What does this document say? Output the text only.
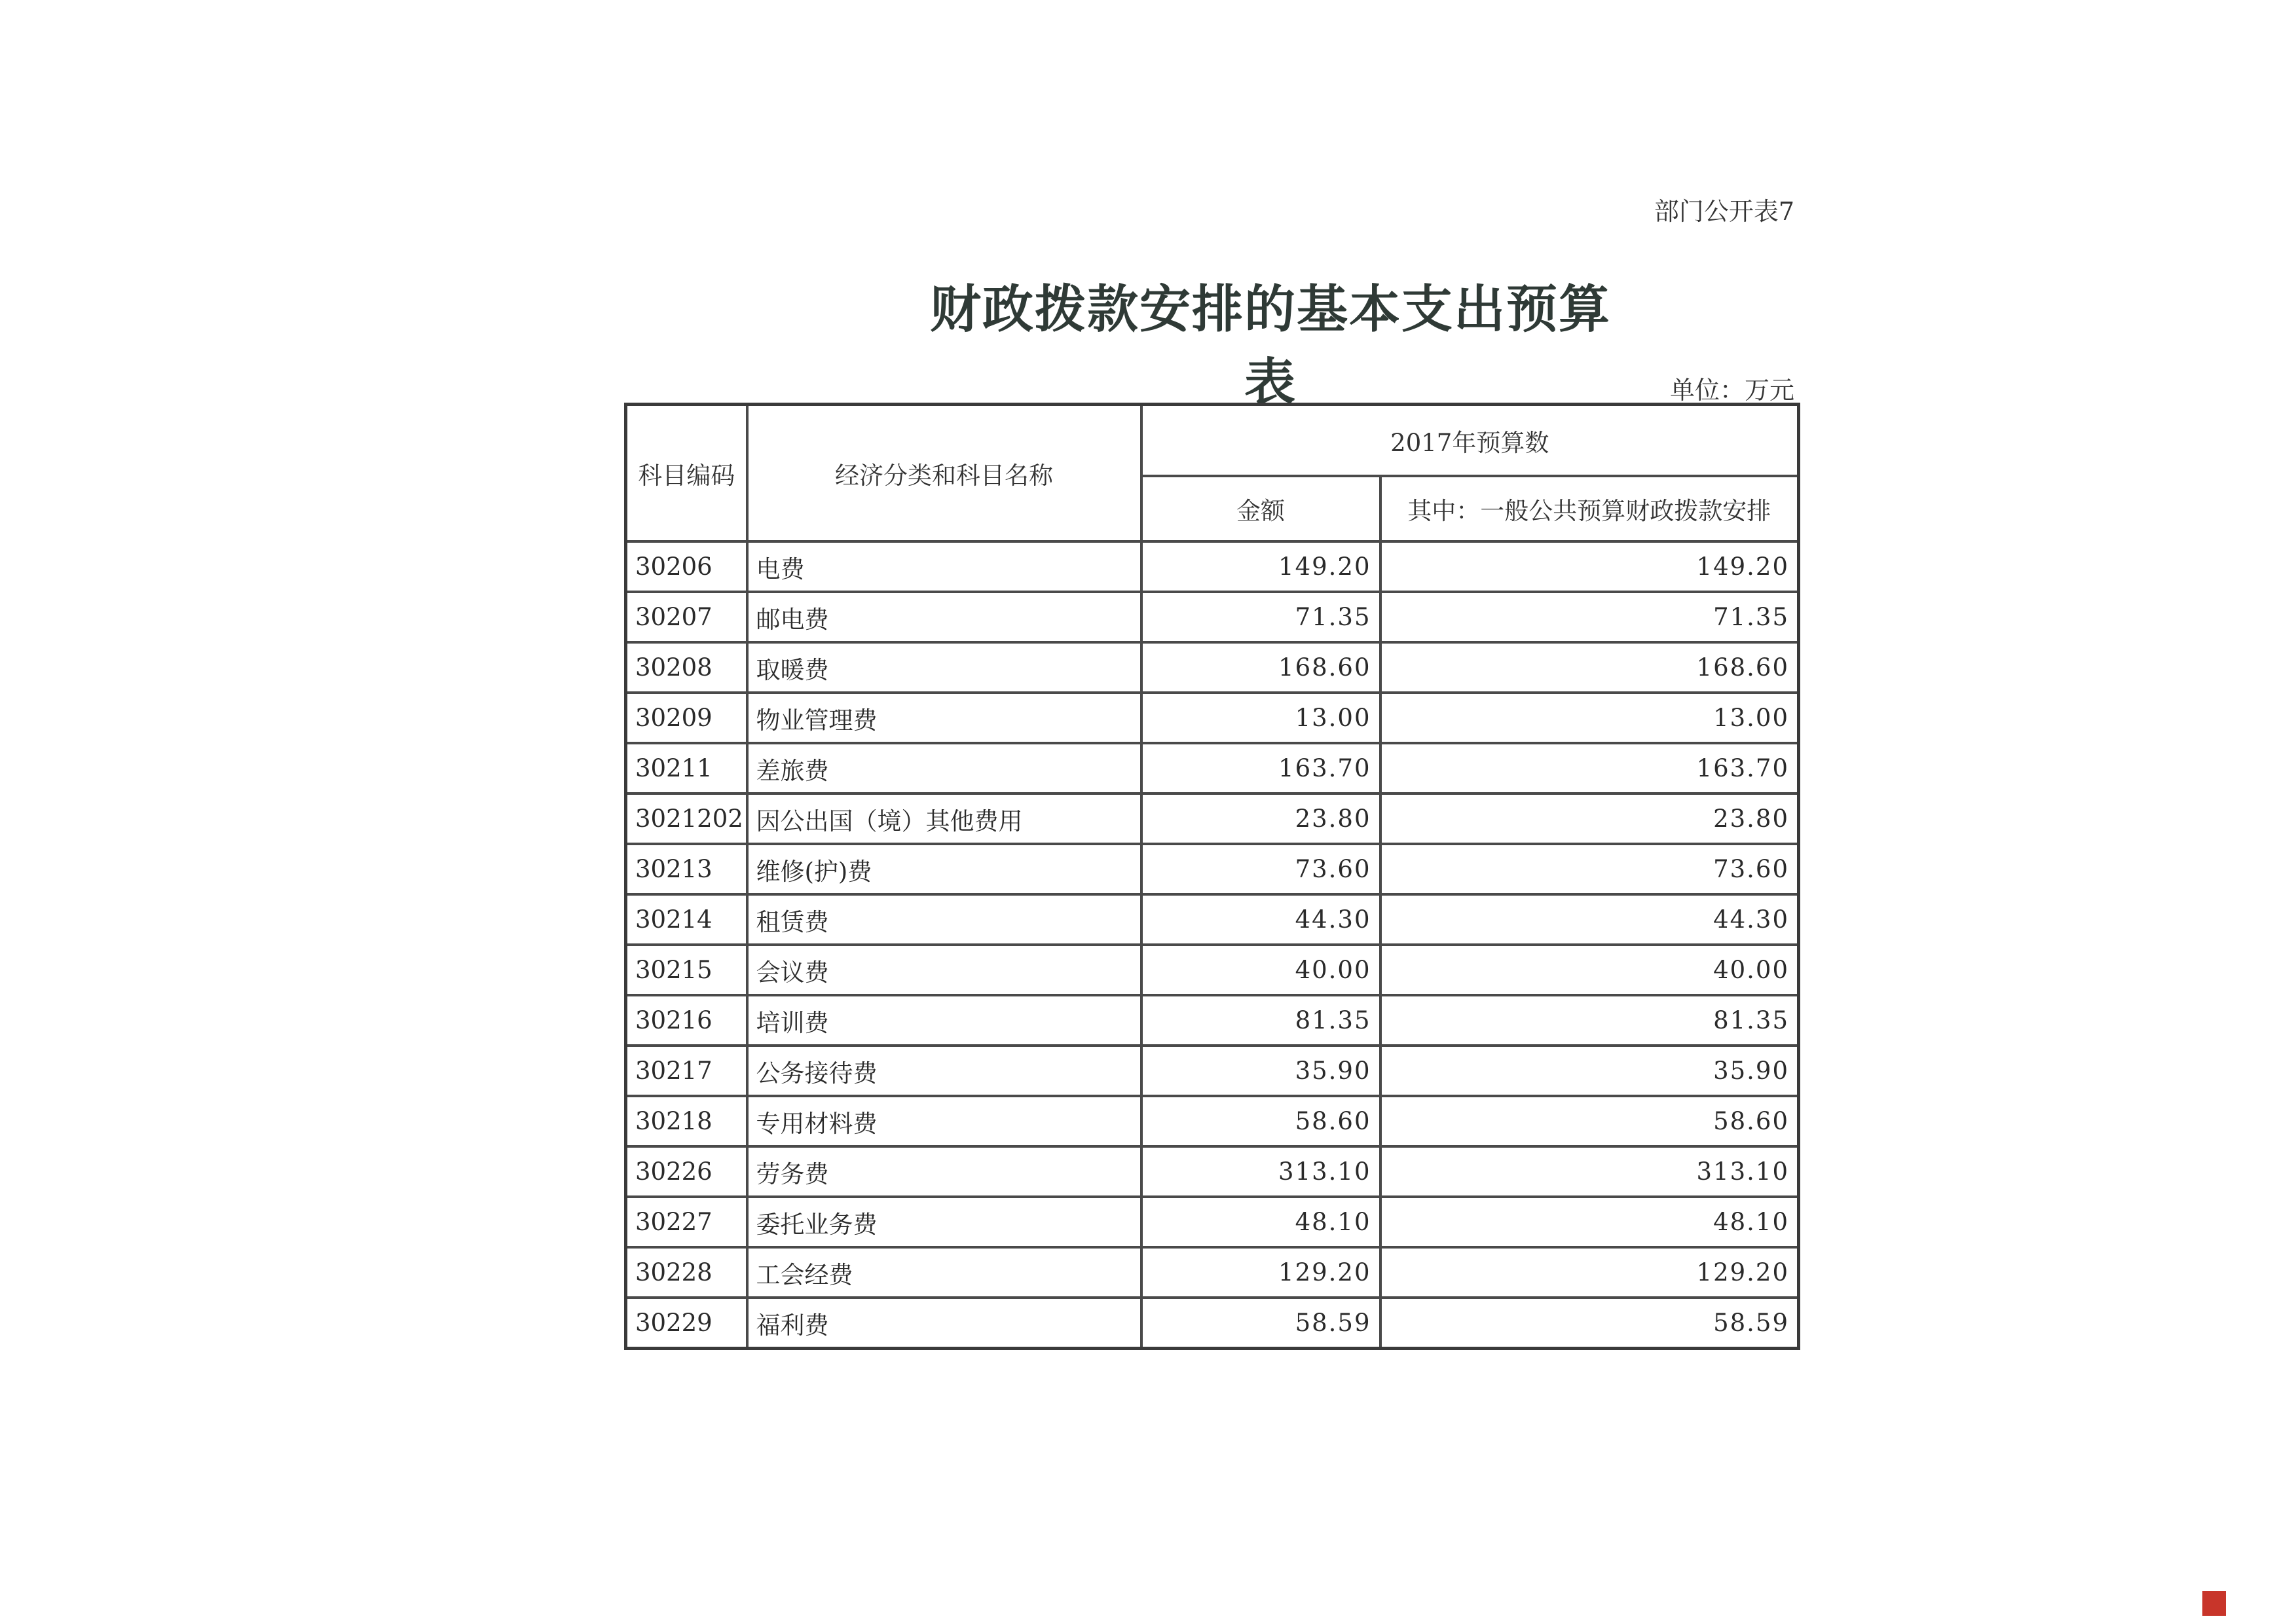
部门公开表7
财政拨款安排的基本支出预算表	单位：万元
科目编码	经济分类和科目名称	2017年预算数	
		金额	其中：一般公共预算财政拨款安排
30206	电费	149.20	149.20
30207	邮电费	71.35	71.35
30208	取暖费	168.60	168.60
30209	物业管理费	13.00	13.00
30211	差旅费	163.70	163.70
3021202	因公出国（境）其他费用	23.80	23.80
30213	维修(护)费	73.60	73.60
30214	租赁费	44.30	44.30
30215	会议费	40.00	40.00
30216	培训费	81.35	81.35
30217	公务接待费	35.90	35.90
30218	专用材料费	58.60	58.60
30226	劳务费	313.10	313.10
30227	委托业务费	48.10	48.10
30228	工会经费	129.20	129.20
30229	福利费	58.59	58.59
